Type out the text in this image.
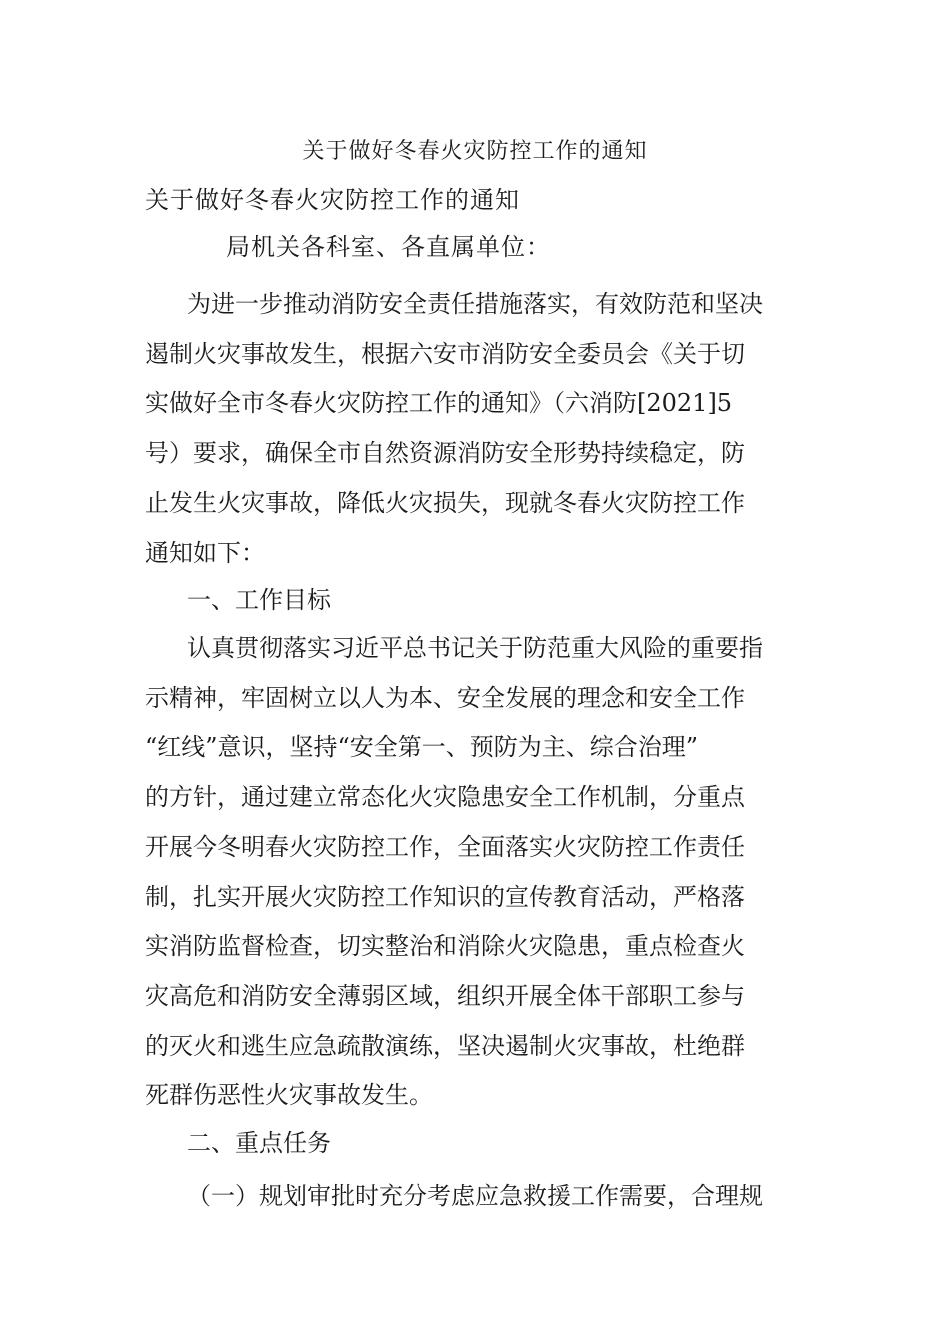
关于做好冬春火灾防控工作的通知
关于做好冬春火灾防控工作的通知
局机关各科室、各直属单位：
为进一步推动消防安全责任措施落实，有效防范和坚决
遏制火灾事故发生，根据六安市消防安全委员会《关于切
实做好全市冬春火灾防控工作的通知》（六消防[2021]5
号）要求，确保全市自然资源消防安全形势持续稳定，防
止发生火灾事故，降低火灾损失，现就冬春火灾防控工作
通知如下：
一、工作目标
认真贯彻落实习近平总书记关于防范重大风险的重要指
示精神，牢固树立以人为本、安全发展的理念和安全工作
“红线”意识，坚持“安全第一、预防为主、综合治理”
的方针，通过建立常态化火灾隐患安全工作机制，分重点
开展今冬明春火灾防控工作，全面落实火灾防控工作责任
制，扎实开展火灾防控工作知识的宣传教育活动，严格落
实消防监督检查，切实整治和消除火灾隐患，重点检查火
灾高危和消防安全薄弱区域，组织开展全体干部职工参与
的灭火和逃生应急疏散演练，坚决遏制火灾事故，杜绝群
死群伤恶性火灾事故发生。
二、重点任务
（一）规划审批时充分考虑应急救援工作需要，合理规
